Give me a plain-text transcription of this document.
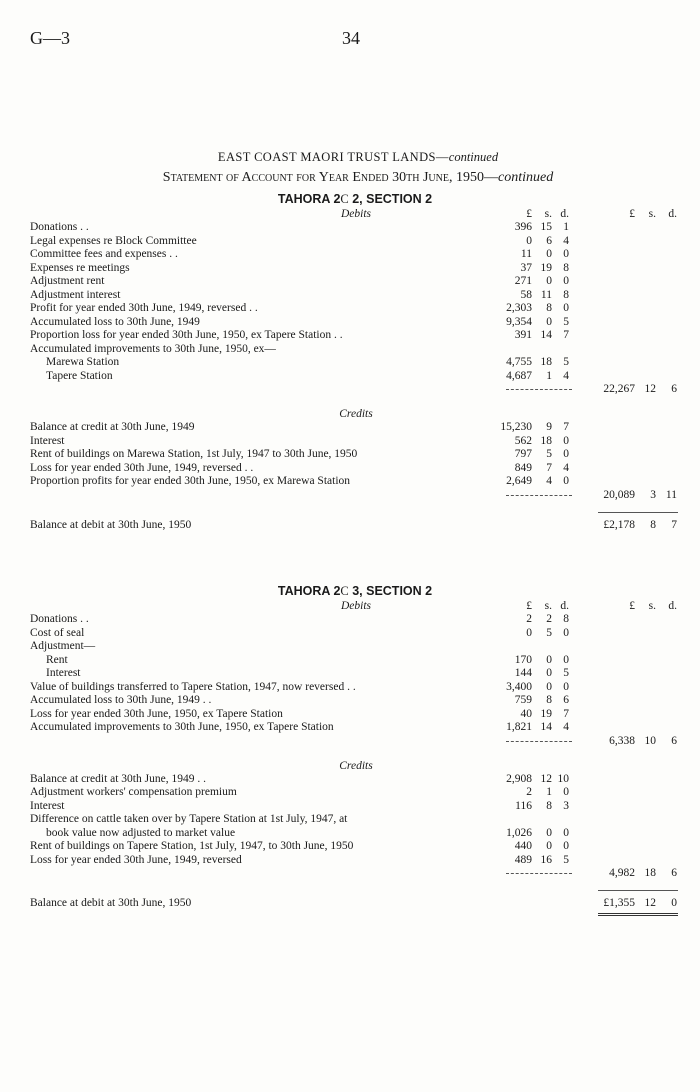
G—3	34
EAST COAST MAORI TRUST LANDS—continued
Statement of Account for Year Ended 30th June, 1950—continued
TAHORA 2C 2, SECTION 2
Debits	£	s. d.	£	s.	d.
Donations . .	396 15 1
Legal expenses re Block Committee	0	6 4
Committee fees and expenses . .	11	0 0
Expenses re meetings	37 19 8
Adjustment rent	271	0 0
Adjustment interest	58 11 8
Profit for year ended 30th June, 1949, reversed . .	2,303	8 0
Accumulated loss to 30th June, 1949	9,354	0 5
Proportion loss for year ended 30th June, 1950, ex Tapere Station . .	391 14 7
Accumulated improvements to 30th June, 1950, ex—
Marewa Station	4,755 18 5
Tapere Station	4,687	1 4
22,267 12	6
Credits
Balance at credit at 30th June, 1949	15,230	9 7
Interest	562 18 0
Rent of buildings on Marewa Station, 1st July, 1947 to 30th June, 1950	797	5 0
Loss for year ended 30th June, 1949, reversed . .	849	7 4
Proportion profits for year ended 30th June, 1950, ex Marewa Station	2,649	4 0
20,089	3 11
Balance at debit at 30th June, 1950	£2,178	8	7
TAHORA 2C 3, SECTION 2
Debits	£	s. d.	£	s.	d.
Donations . .	2	2 8
Cost of seal	0	5 0
Adjustment—
Rent	170	0 0
Interest	144	0 5
Value of buildings transferred to Tapere Station, 1947, now reversed . .	3,400	0 0
Accumulated loss to 30th June, 1949 . .	759	8 6
Loss for year ended 30th June, 1950, ex Tapere Station	40 19 7
Accumulated improvements to 30th June, 1950, ex Tapere Station	1,821 14 4
6,338 10	6
Credits
Balance at credit at 30th June, 1949 . .	2,908 12 10
Adjustment workers' compensation premium	2	1 0
Interest	116	8 3
Difference on cattle taken over by Tapere Station at 1st July, 1947, at
book value now adjusted to market value	1,026	0 0
Rent of buildings on Tapere Station, 1st July, 1947, to 30th June, 1950	440	0 0
Loss for year ended 30th June, 1949, reversed	489 16 5
4,982 18	6
Balance at debit at 30th June, 1950	£1,355 12	0
